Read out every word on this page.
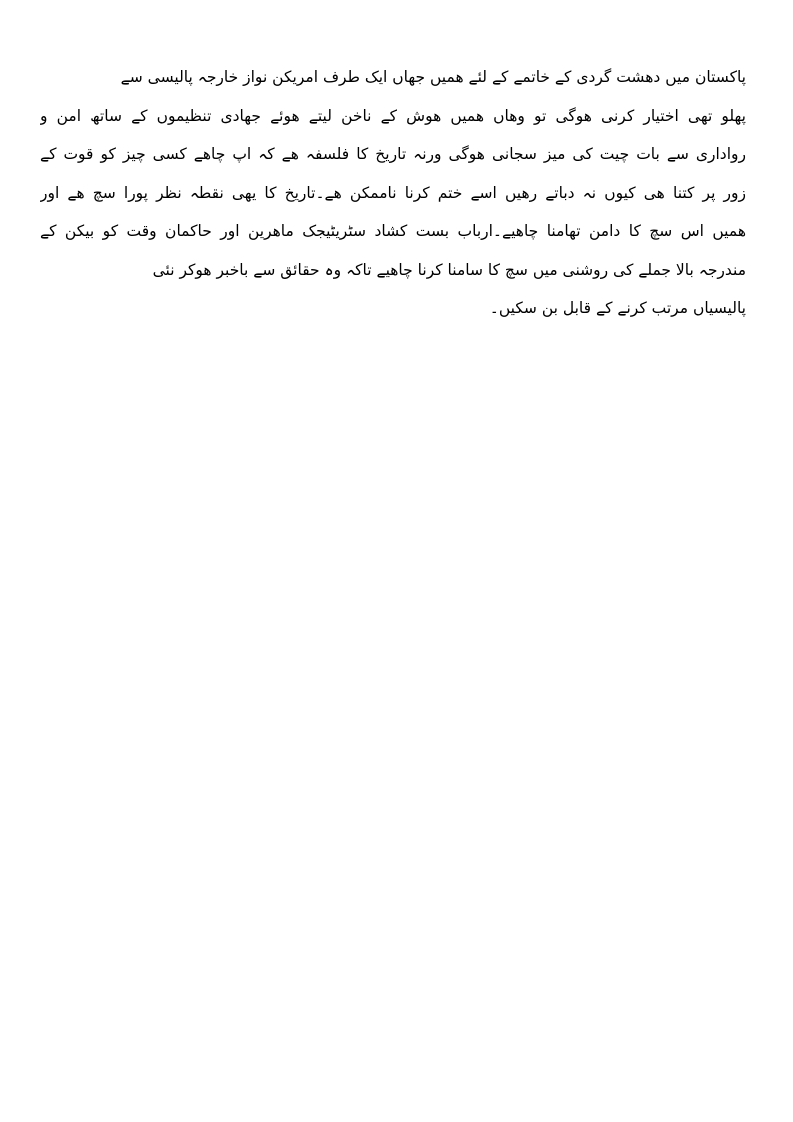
پاکستان میں دھشت گردی کے خاتمے کے لئے ھمیں جھاں ایک طرف امریکن نواز خارجہ پالیسی سے
پھلو تھی اختیار کرنی ھوگی تو وھاں ھمیں ھوش کے ناخن لیتے ھوئے جھادی تنظیموں کے ساتھ امن و
رواداری سے بات چیت کی میز سجانی ھوگی ورنہ تاریخ کا فلسفہ ھے کہ اپ چاھے کسی چیز کو قوت کے
زور پر کتنا ھی کیوں نہ دباتے رھیں اسے ختم کرنا ناممکن ھے۔تاریخ کا یھی نقطہ نظر پورا سچ ھے اور
ھمیں اس سچ کا دامن تھامنا چاھیے۔ارباب بست کشاد سٹریٹیجک ماھرین اور حاکمان وقت کو بیکن کے
مندرجہ بالا جملے کی روشنی میں سچ کا سامنا کرنا چاھیے تاکہ وہ حقائق سے باخبر ھوکر نئی
پالیسیاں مرتب کرنے کے قابل بن سکیں۔
